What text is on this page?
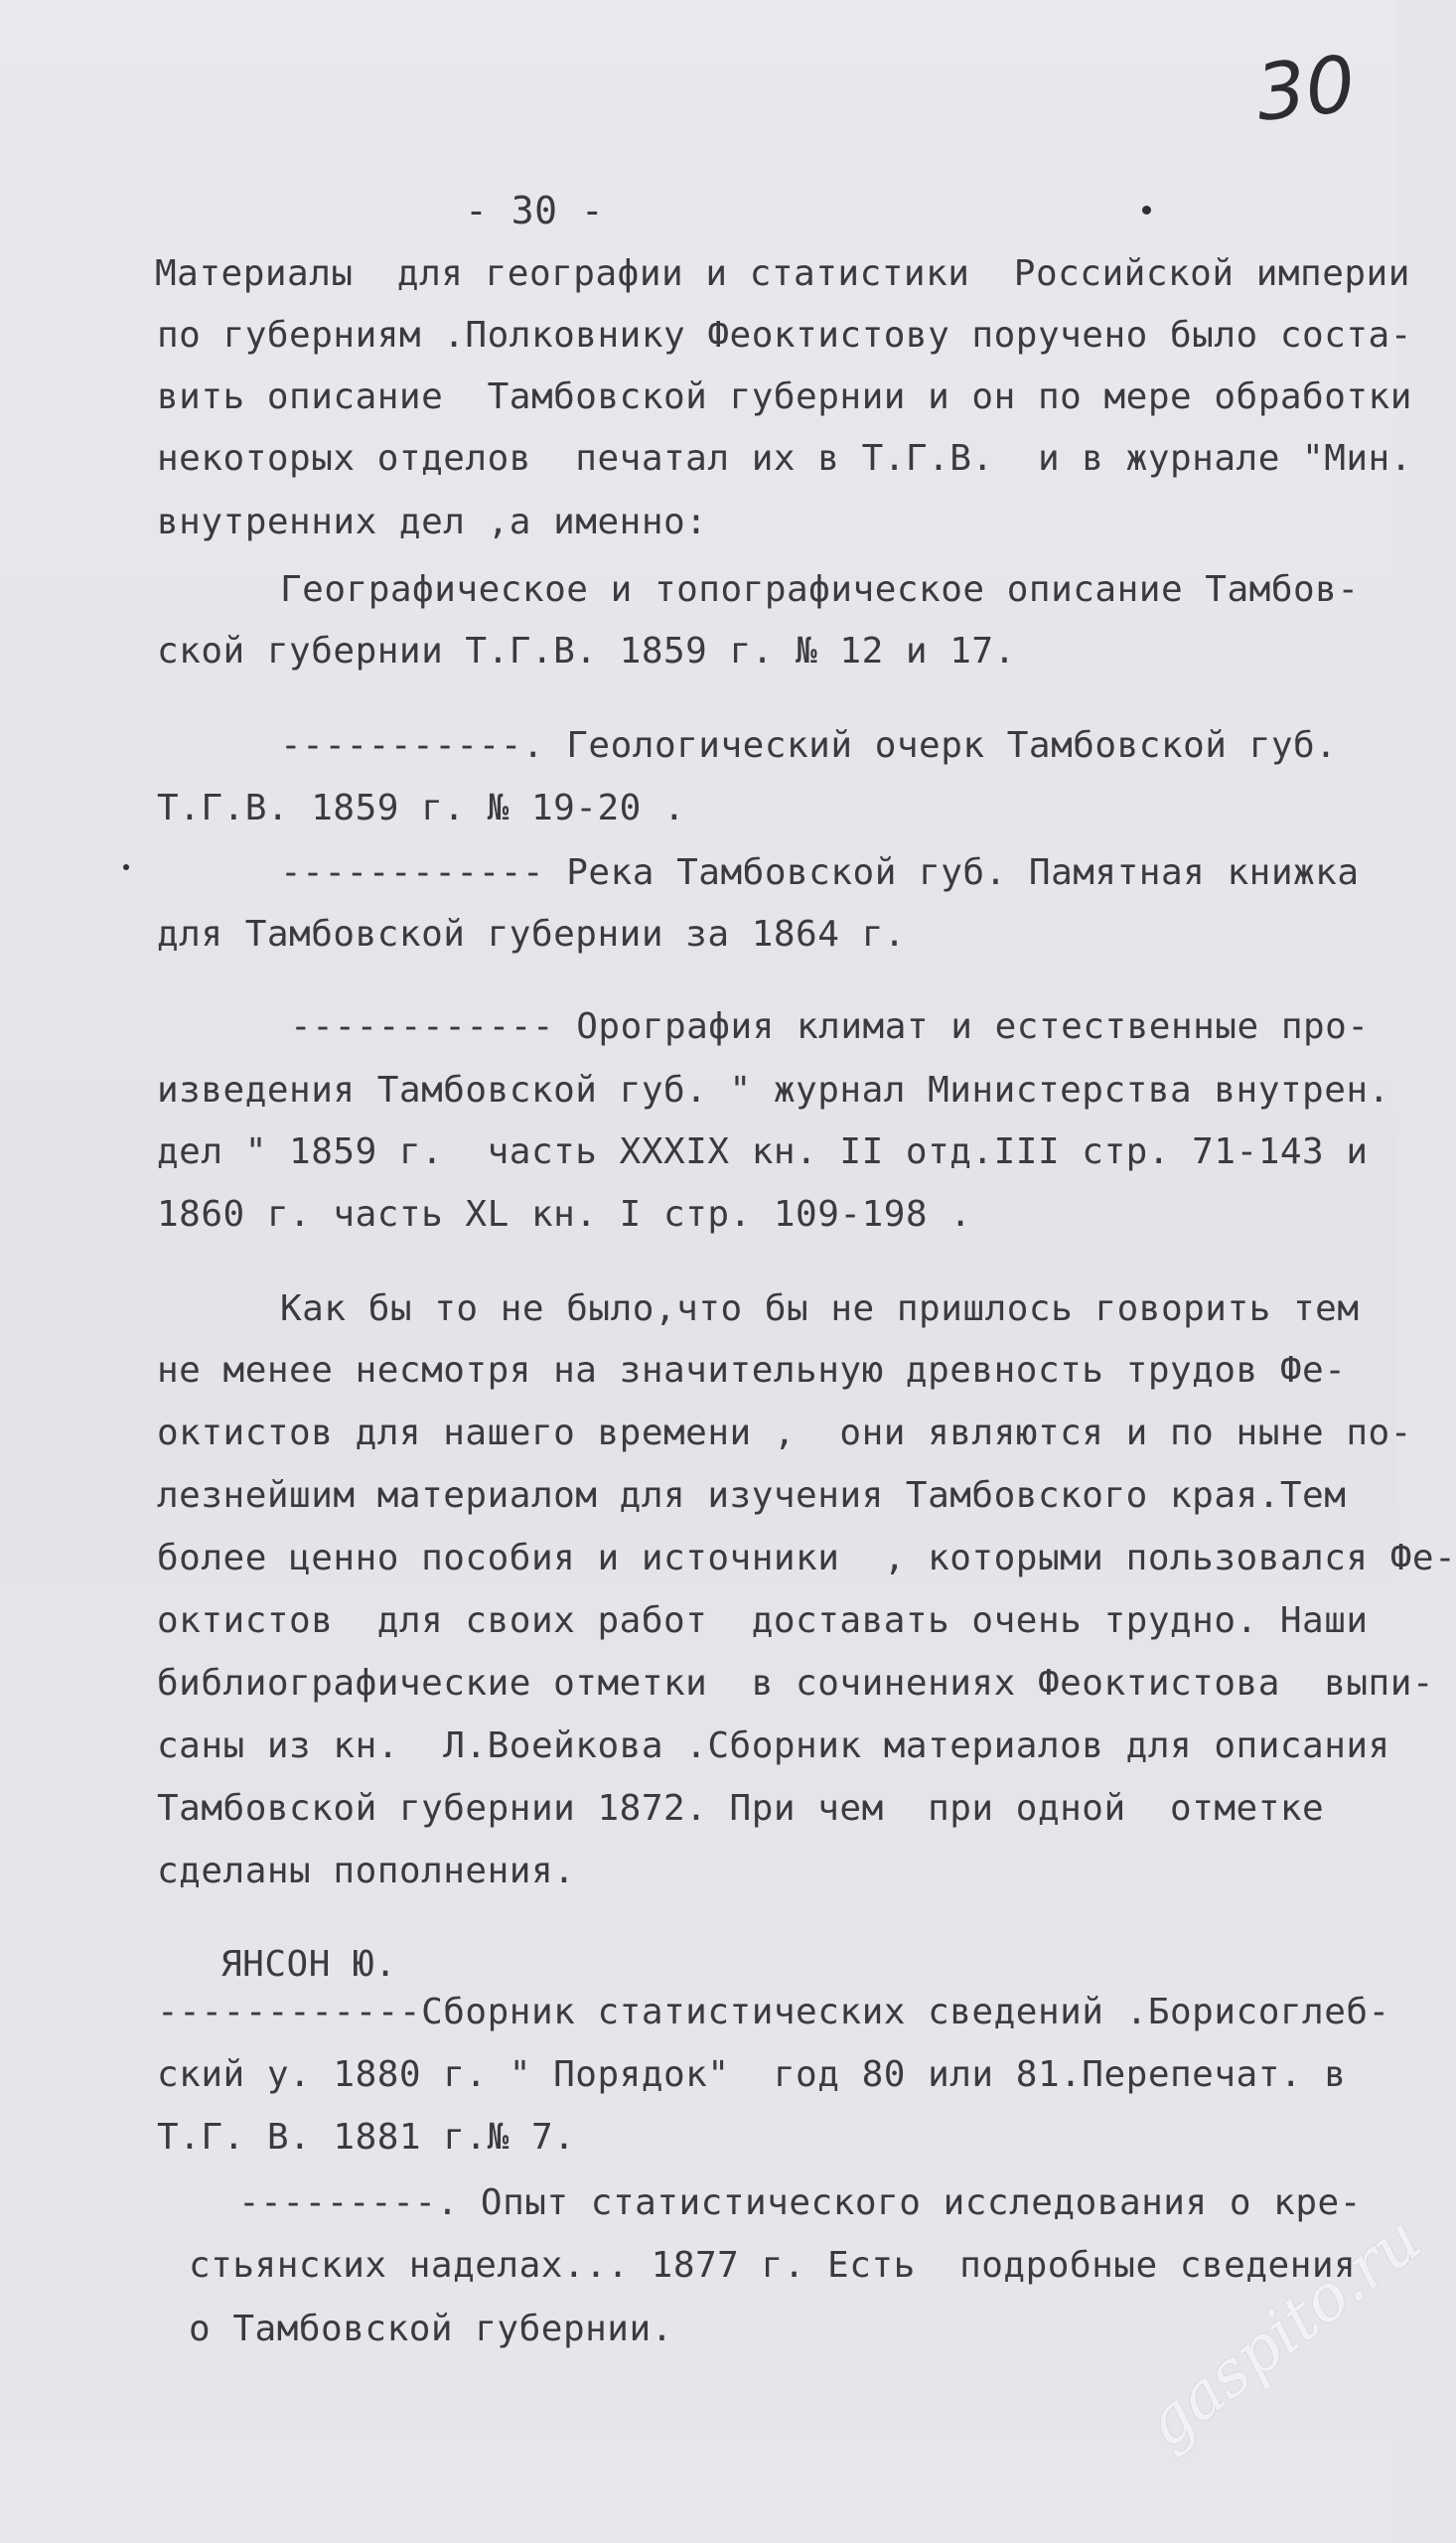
30
- 30 -
Материалы  для географии и статистики  Российской империи
по губерниям .Полковнику Феоктистову поручено было соста-
вить описание  Тамбовской губернии и он по мере обработки
некоторых отделов  печатал их в Т.Г.В.  и в журнале "Мин.
внутренних дел ,а именно:
Географическое и топографическое описание Тамбов-
ской губернии Т.Г.В. 1859 г. № 12 и 17.
-----------. Геологический очерк Тамбовской губ.
Т.Г.В. 1859 г. № 19-20 .
------------ Река Тамбовской губ. Памятная книжка
для Тамбовской губернии за 1864 г.
------------ Орография климат и естественные про-
изведения Тамбовской губ. " журнал Министерства внутрен.
дел " 1859 г.  часть XXXIX кн. II отд.III стр. 71-143 и
1860 г. часть XL кн. I стр. 109-198 .
Как бы то не было,что бы не пришлось говорить тем
не менее несмотря на значительную древность трудов Фе-
октистов для нашего времени ,  они являются и по ныне по-
лезнейшим материалом для изучения Тамбовского края.Тем
более ценно пособия и источники  , которыми пользовался Фе-
октистов  для своих работ  доставать очень трудно. Наши
библиографические отметки  в сочинениях Феоктистова  выпи-
саны из кн.  Л.Воейкова .Сборник материалов для описания
Тамбовской губернии 1872. При чем  при одной  отметке
сделаны пополнения.
ЯНСОН Ю.
------------Сборник статистических сведений .Борисоглеб-
ский у. 1880 г. " Порядок"  год 80 или 81.Перепечат. в
Т.Г. В. 1881 г.№ 7.
---------. Опыт статистического исследования о кре-
стьянских наделах... 1877 г. Есть  подробные сведения
о Тамбовской губернии.	gaspito.ru
